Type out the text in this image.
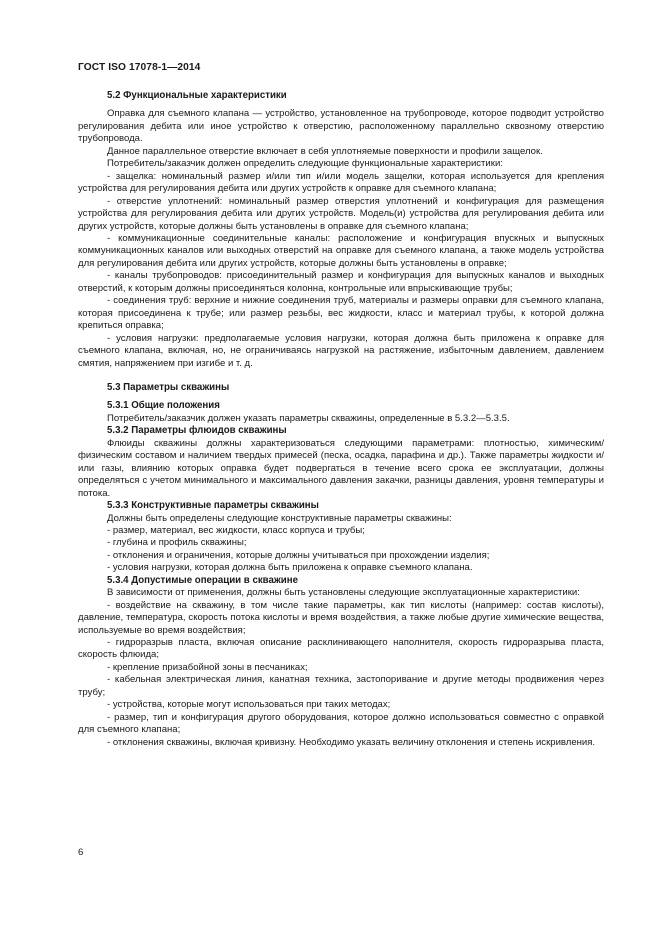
ГОСТ ISO 17078-1—2014
5.2 Функциональные характеристики

Оправка для съемного клапана — устройство, установленное на трубопроводе, которое подводит устройство регулирования дебита или иное устройство к отверстию, расположенному параллельно сквозному отверстию трубопровода.

Данное параллельное отверстие включает в себя уплотняемые поверхности и профили защелок.

Потребитель/заказчик должен определить следующие функциональные характеристики:

- защелка: номинальный размер и/или тип и/или модель защелки, которая используется для крепления устройства для регулирования дебита или других устройств к оправке для съемного клапана;

- отверстие уплотнений: номинальный размер отверстия уплотнений и конфигурация для размещения устройства для регулирования дебита или других устройств. Модель(и) устройства для регулирования дебита или других устройств, которые должны быть установлены в оправке для съемного клапана;

- коммуникационные соединительные каналы: расположение и конфигурация впускных и выпускных коммуникационных каналов или выходных отверстий на оправке для съемного клапана, а также модель устройства для регулирования дебита или других устройств, которые должны быть установлены в оправке;

- каналы трубопроводов: присоединительный размер и конфигурация для выпускных каналов и выходных отверстий, к которым должны присоединяться колонна, контрольные или впрыскивающие трубы;

- соединения труб: верхние и нижние соединения труб, материалы и размеры оправки для съемного клапана, которая присоединена к трубе; или размер резьбы, вес жидкости, класс и материал трубы, к которой должна крепиться оправка;

- условия нагрузки: предполагаемые условия нагрузки, которая должна быть приложена к оправке для съемного клапана, включая, но, не ограничиваясь нагрузкой на растяжение, избыточным давлением, давлением смятия, напряжением при изгибе и т. д.

5.3 Параметры скважины
5.3.1 Общие положения

Потребитель/заказчик должен указать параметры скважины, определенные в 5.3.2—5.3.5.

5.3.2 Параметры флюидов скважины

Флюиды скважины должны характеризоваться следующими параметрами: плотностью, химическим/физическим составом и наличием твердых примесей (песка, осадка, парафина и др.). Также параметры жидкости и/или газы, влиянию которых оправка будет подвергаться в течение всего срока ее эксплуатации, должны определяться с учетом минимального и максимального давления закачки, разницы давления, уровня температуры и потока.

5.3.3 Конструктивные параметры скважины

Должны быть определены следующие конструктивные параметры скважины:

- размер, материал, вес жидкости, класс корпуса и трубы;

- глубина и профиль скважины;

- отклонения и ограничения, которые должны учитываться при прохождении изделия;

- условия нагрузки, которая должна быть приложена к оправке съемного клапана.

5.3.4 Допустимые операции в скважине

В зависимости от применения, должны быть установлены следующие эксплуатационные характеристики:

- воздействие на скважину, в том числе такие параметры, как тип кислоты (например: состав кислоты), давление, температура, скорость потока кислоты и время воздействия, а также любые другие химические вещества, используемые во время воздействия;

- гидроразрыв пласта, включая описание расклинивающего наполнителя, скорость гидроразрыва пласта, скорость флюида;

- крепление призабойной зоны в песчаниках;

- кабельная электрическая линия, канатная техника, застопоривание и другие методы продвижения через трубу;

- устройства, которые могут использоваться при таких методах;

- размер, тип и конфигурация другого оборудования, которое должно использоваться совместно с оправкой для съемного клапана;

- отклонения скважины, включая кривизну. Необходимо указать величину отклонения и степень искривления.

6
